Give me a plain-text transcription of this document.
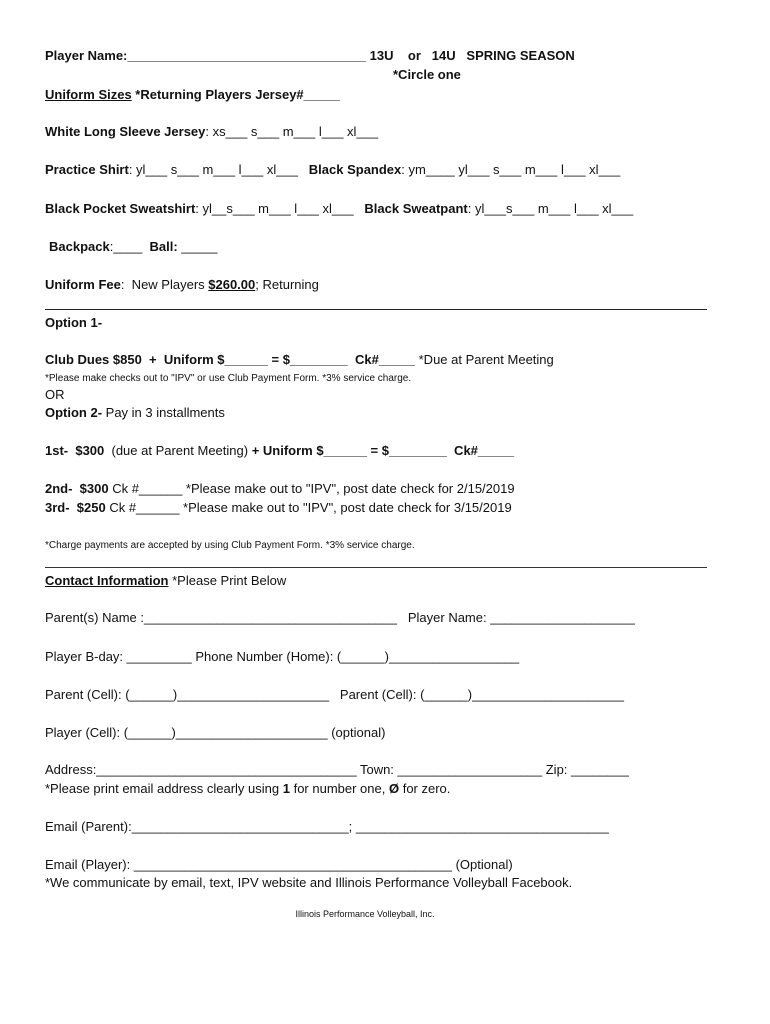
Player Name:_________________________________ 13U    or   14U   SPRING SEASON
*Circle one
Uniform Sizes *Returning Players Jersey#_____
White Long Sleeve Jersey: xs___ s___ m___ l___ xl___
Practice Shirt: yl___ s___ m___ l___ xl___   Black Spandex: ym____ yl___ s___ m___ l___ xl___
Black Pocket Sweatshirt: yl__s___ m___ l___ xl___   Black Sweatpant: yl___s___ m___ l___ xl___
Backpack:____  Ball: _____
Uniform Fee:  New Players $260.00; Returning
Option 1-
Club Dues $850  +  Uniform $______ = $________  Ck#_____ *Due at Parent Meeting
*Please make checks out to "IPV" or use Club Payment Form. *3% service charge.
OR
Option 2- Pay in 3 installments
1st-  $300  (due at Parent Meeting) + Uniform $______ = $________  Ck#_____
2nd-  $300 Ck #______ *Please make out to "IPV", post date check for 2/15/2019
3rd-  $250 Ck #______ *Please make out to "IPV", post date check for 3/15/2019
*Charge payments are accepted by using Club Payment Form. *3% service charge.
Contact Information *Please Print Below
Parent(s) Name :___________________________________   Player Name: ____________________
Player B-day: _________ Phone Number (Home): (______)__________________
Parent (Cell): (______)_____________________   Parent (Cell): (______)_____________________
Player (Cell): (______)_____________________ (optional)
Address:____________________________________ Town: ____________________ Zip: ________
*Please print email address clearly using 1 for number one, Ø for zero.
Email (Parent):______________________________; ___________________________________
Email (Player): ____________________________________________ (Optional)
*We communicate by email, text, IPV website and Illinois Performance Volleyball Facebook.
Illinois Performance Volleyball, Inc.
